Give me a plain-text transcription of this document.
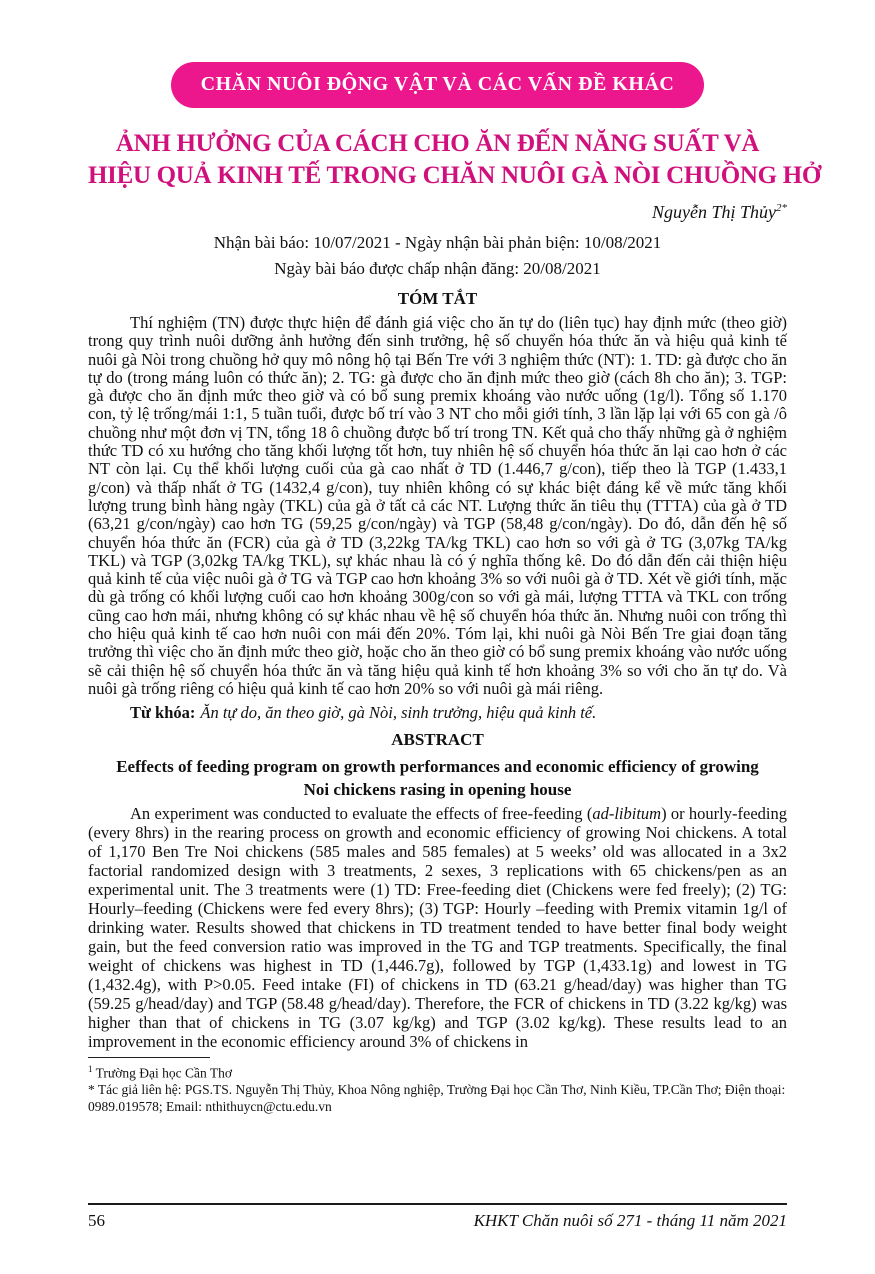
CHĂN NUÔI ĐỘNG VẬT VÀ CÁC VẤN ĐỀ KHÁC
ẢNH HƯỞNG CỦA CÁCH CHO ĂN ĐẾN NĂNG SUẤT VÀ
HIỆU QUẢ KINH TẾ TRONG CHĂN NUÔI GÀ NÒI CHUỒNG HỞ
Nguyễn Thị Thủy$^{2*}$
Nhận bài báo: 10/07/2021 - Ngày nhận bài phản biện: 10/08/2021
Ngày bài báo được chấp nhận đăng: 20/08/2021
TÓM TẮT
Thí nghiệm (TN) được thực hiện để đánh giá việc cho ăn tự do (liên tục) hay định mức (theo giờ) trong quy trình nuôi dưỡng ảnh hưởng đến sinh trưởng, hệ số chuyển hóa thức ăn và hiệu quả kinh tế nuôi gà Nòi trong chuồng hở quy mô nông hộ tại Bến Tre với 3 nghiệm thức (NT): 1. TD: gà được cho ăn tự do (trong máng luôn có thức ăn); 2. TG: gà được cho ăn định mức theo giờ (cách 8h cho ăn); 3. TGP: gà được cho ăn định mức theo giờ và có bổ sung premix khoáng vào nước uống (1g/l). Tổng số 1.170 con, tỷ lệ trống/mái 1:1, 5 tuần tuổi, được bố trí vào 3 NT cho mỗi giới tính, 3 lần lặp lại với 65 con gà /ô chuồng như một đơn vị TN, tổng 18 ô chuồng được bố trí trong TN. Kết quả cho thấy những gà ở nghiệm thức TD có xu hướng cho tăng khối lượng tốt hơn, tuy nhiên hệ số chuyển hóa thức ăn lại cao hơn ở các NT còn lại. Cụ thể khối lượng cuối của gà cao nhất ở TD (1.446,7 g/con), tiếp theo là TGP (1.433,1 g/con) và thấp nhất ở TG (1432,4 g/con), tuy nhiên không có sự khác biệt đáng kể về mức tăng khối lượng trung bình hàng ngày (TKL) của gà ở tất cả các NT. Lượng thức ăn tiêu thụ (TTTA) của gà ở TD (63,21 g/con/ngày) cao hơn TG (59,25 g/con/ngày) và TGP (58,48 g/con/ngày). Do đó, dẫn đến hệ số chuyển hóa thức ăn (FCR) của gà ở TD (3,22kg TA/kg TKL) cao hơn so với gà ở TG (3,07kg TA/kg TKL) và TGP (3,02kg TA/kg TKL), sự khác nhau là có ý nghĩa thống kê. Do đó dẫn đến cải thiện hiệu quả kinh tế của việc nuôi gà ở TG và TGP cao hơn khoảng 3% so với nuôi gà ở TD. Xét về giới tính, mặc dù gà trống có khối lượng cuối cao hơn khoảng 300g/con so với gà mái, lượng TTTA và TKL con trống cũng cao hơn mái, nhưng không có sự khác nhau về hệ số chuyển hóa thức ăn. Nhưng nuôi con trống thì cho hiệu quả kinh tế cao hơn nuôi con mái đến 20%. Tóm lại, khi nuôi gà Nòi Bến Tre giai đoạn tăng trưởng thì việc cho ăn định mức theo giờ, hoặc cho ăn theo giờ có bổ sung premix khoáng vào nước uống sẽ cải thiện hệ số chuyển hóa thức ăn và tăng hiệu quả kinh tế hơn khoảng 3% so với cho ăn tự do. Và nuôi gà trống riêng có hiệu quả kinh tế cao hơn 20% so với nuôi gà mái riêng.
Từ khóa: Ăn tự do, ăn theo giờ, gà Nòi, sinh trưởng, hiệu quả kinh tế.
ABSTRACT
Eeffects of feeding program on growth performances and economic efficiency of growing
Noi chickens rasing in opening house
An experiment was conducted to evaluate the effects of free-feeding (ad-libitum) or hourly-feeding (every 8hrs) in the rearing process on growth and economic efficiency of growing Noi chickens. A total of 1,170 Ben Tre Noi chickens (585 males and 585 females) at 5 weeks’ old was allocated in a 3x2 factorial randomized design with 3 treatments, 2 sexes, 3 replications with 65 chickens/pen as an experimental unit. The 3 treatments were (1) TD: Free-feeding diet (Chickens were fed freely); (2) TG: Hourly–feeding (Chickens were fed every 8hrs); (3) TGP: Hourly –feeding with Premix vitamin 1g/l of drinking water. Results showed that chickens in TD treatment tended to have better final body weight gain, but the feed conversion ratio was improved in the TG and TGP treatments. Specifically, the final weight of chickens was highest in TD (1,446.7g), followed by TGP (1,433.1g) and lowest in TG (1,432.4g), with P>0.05. Feed intake (FI) of chickens in TD (63.21 g/head/day) was higher than TG (59.25 g/head/day) and TGP (58.48 g/head/day). Therefore, the FCR of chickens in TD (3.22 kg/kg) was higher than that of chickens in TG (3.07 kg/kg) and TGP (3.02 kg/kg). These results lead to an improvement in the economic efficiency around 3% of chickens in
$^1$ Trường Đại học Cần Thơ
* Tác giả liên hệ: PGS.TS. Nguyễn Thị Thủy, Khoa Nông nghiệp, Trường Đại học Cần Thơ, Ninh Kiều, TP.Cần Thơ; Điện thoại: 0989.019578; Email: nthithuycn@ctu.edu.vn
56	KHKT Chăn nuôi số 271 - tháng 11 năm 2021
